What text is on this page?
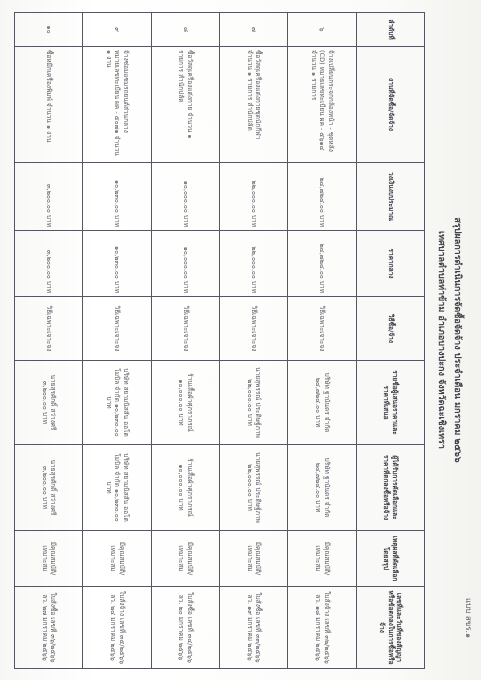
แบบ สขร.๑
สรุปผลการดำเนินการจัดซื้อจัดจ้าง ประจำเดือน มกราคม ๒๕๖๖
เทศบาลตำบลท่าข้าม อำเภอบางปะกง จังหวัดฉะเชิงเทรา
ลำดับที่	งานที่จัดซื้อ/จัดจ้าง	วงเงินงบประมาณ	ราคากลาง	วิธีซื้อ/จ้าง	รายชื่อผู้เสนอราคาและราคาที่เสนอ	ผู้ได้รับการคัดเลือกและราคาที่ตกลงซื้อหรือจ้าง	เหตุผลที่คัดเลือกโดยสรุป	เลขที่และวันที่ของสัญญาหรือข้อตกลงในการซื้อหรือจ้าง
๖	จ้างเปลี่ยนกระจกกล้องหน้า - ชุดหลัง (CD) หมายเลขทะเบียน ผค - ๕๖๑๔ จำนวน ๑ รายการ	๒๔,๗๒๔.๐๐ บาท	๒๔,๗๒๔.๐๐ บาท	วิธีเฉพาะเจาะจง	บริษัท ฐานันดร จำกัด ๒๔,๗๒๔.๐๐ บาท	บริษัท ฐานันดร จำกัด ๒๔,๗๒๔.๐๐ บาท	มีคุณสมบัติ/เหมาะสม	ใบสั่งจ้าง เลขที่ ๓๒/๒๕๖๖ ลว. ๑๘ มกราคม ๒๕๖๖
๗	ซื้อวัสดุเครื่องแต่งกายชุดนักกีฬา จำนวน ๑ รายการ สำนักปลัด	๒๒,๐๐๐.๐๐ บาท	๒๒,๐๐๐.๐๐ บาท	วิธีเฉพาะเจาะจง	นายสุพรรณ์ ประดิษฐ์ภาพ ๒๒,๐๐๐.๐๐ บาท	นายสุพรรณ์ ประดิษฐ์ภาพ ๒๒,๐๐๐.๐๐ บาท	มีคุณสมบัติ/เหมาะสม	ใบสั่งซื้อ เลขที่ ๓๓/๒๕๖๖ ลว. ๑๙ มกราคม ๒๕๖๖
๘	ซื้อวัสดุเครื่องแต่งกาย จำนวน ๑ รายการ สำนักปลัด	๑๐,๐๐๐.๐๐ บาท	๑๐,๐๐๐.๐๐ บาท	วิธีเฉพาะเจาะจง	ร้านเสื้อผ้าศุภราภรณ์ ๑๐,๐๐๐.๐๐ บาท	ร้านเสื้อผ้าศุภราภรณ์ ๑๐,๐๐๐.๐๐ บาท	มีคุณสมบัติ/เหมาะสม	ใบสั่งซื้อ เลขที่ ๓๔/๒๕๖๖ ลว. ๒๐ มกราคม ๒๕๖๖
๙	จ้างซ่อมแซมรถยนต์ส่วนกลาง หมายเลขทะเบียน ผค - ๕๐๗๑ จำนวน ๑ งาน	๑๐,๒๓๐.๐๐ บาท	๑๐,๒๓๐.๐๐ บาท	วิธีเฉพาะเจาะจง	บริษัท สยามนิสสัน ออโตโมบิล จำกัด ๑๐,๒๓๐.๐๐ บาท	บริษัท สยามนิสสัน ออโตโมบิล จำกัด ๑๐,๒๓๐.๐๐ บาท	มีคุณสมบัติ/เหมาะสม	ใบสั่งจ้าง เลขที่ ๓๕/๒๕๖๖ ลว. ๒๔ มกราคม ๒๕๖๖
๑๐	ซื้อหมึกเครื่องพิมพ์ จำนวน ๑ งาน	๓,๒๐๐.๐๐ บาท	๓,๒๐๐.๐๐ บาท	วิธีเฉพาะเจาะจง	นายสุรศักดิ์ สว่างศรี ๓,๒๐๐.๐๐ บาท	นายสุรศักดิ์ สว่างศรี ๓,๒๐๐.๐๐ บาท	มีคุณสมบัติ/เหมาะสม	ใบสั่งซื้อ เลขที่ ๓๖/๒๕๖๖ ลว. ๒๗ มกราคม ๒๕๖๖
